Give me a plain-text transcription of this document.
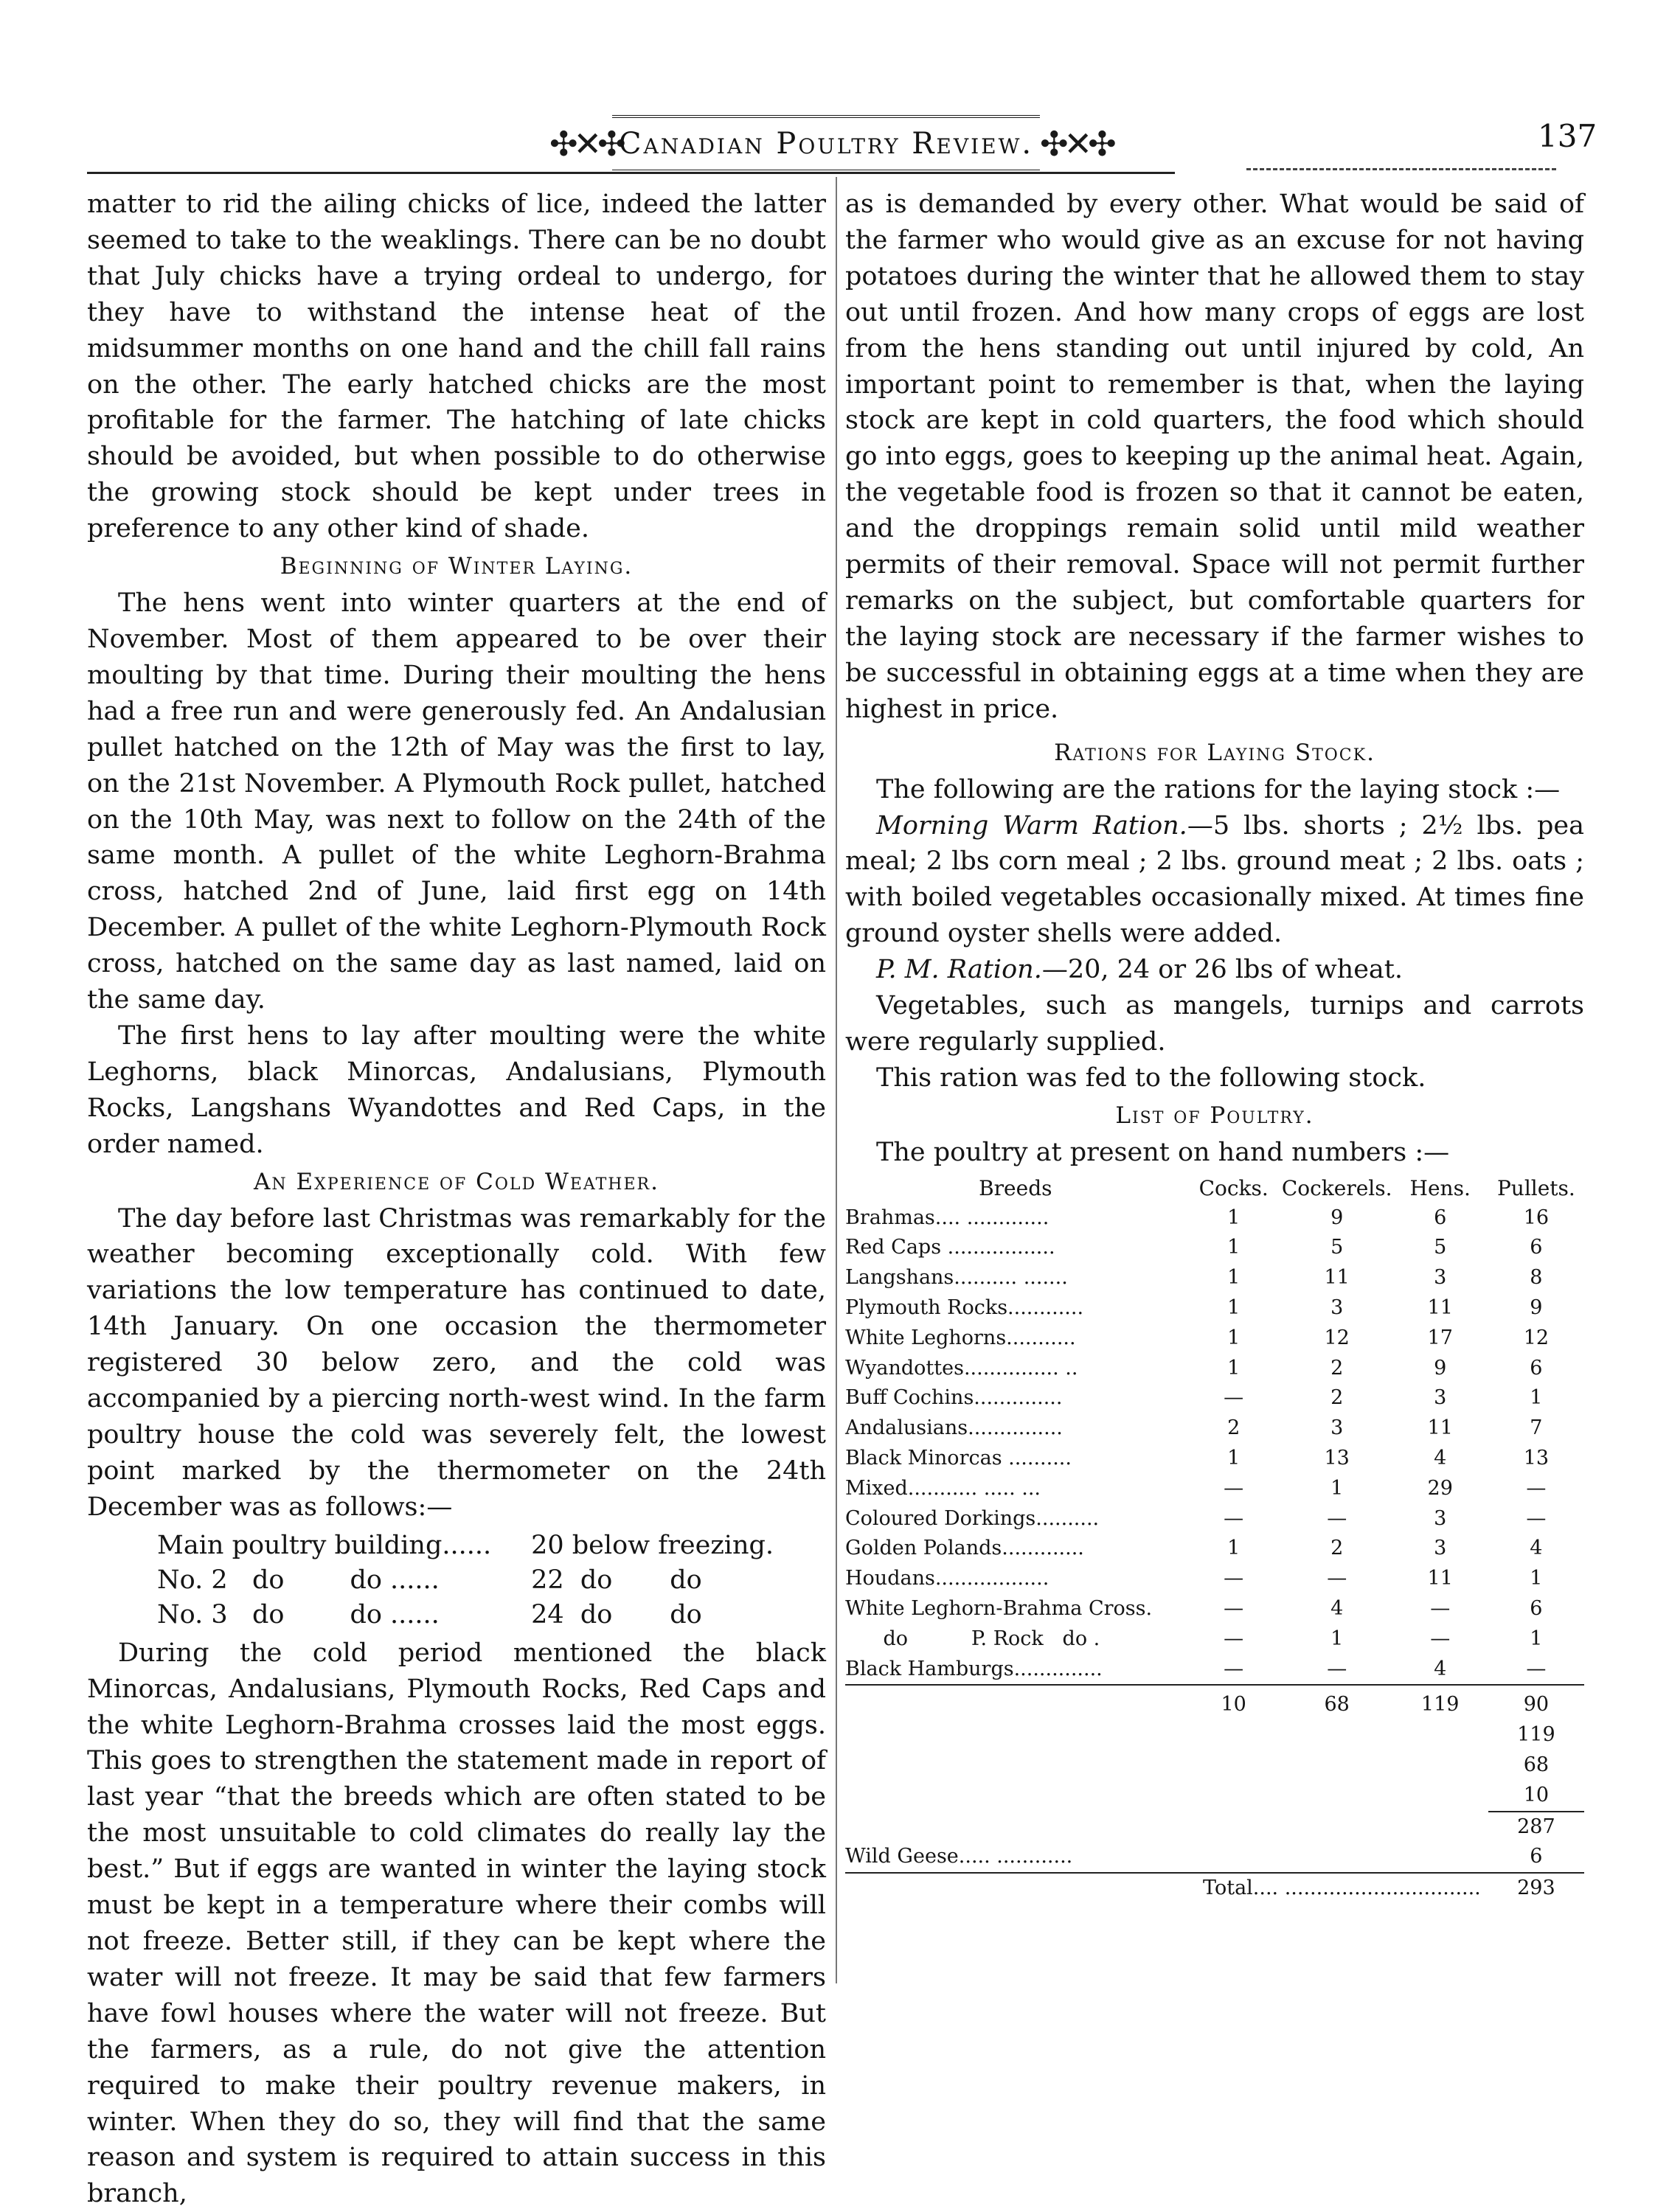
✣✕✣
Canadian Poultry Review. ✣✕✣	137

matter to rid the ailing chicks of lice, indeed the latter seemed to take to the weaklings. There can be no doubt that July chicks have a trying ordeal to undergo, for they have to withstand the intense heat of the midsummer months on one hand and the chill fall rains on the other. The early hatched chicks are the most profitable for the farmer. The hatching of late chicks should be avoided, but when possible to do otherwise the growing stock should be kept under trees in preference to any other kind of shade.

Beginning of Winter Laying.

The hens went into winter quarters at the end of November. Most of them appeared to be over their moulting by that time. During their moulting the hens had a free run and were generously fed. An Andalusian pullet hatched on the 12th of May was the first to lay, on the 21st November. A Plymouth Rock pullet, hatched on the 10th May, was next to follow on the 24th of the same month. A pullet of the white Leghorn-Brahma cross, hatched 2nd of June, laid first egg on 14th December. A pullet of the white Leghorn-Plymouth Rock cross, hatched on the same day as last named, laid on the same day.

The first hens to lay after moulting were the white Leghorns, black Minorcas, Andalusians, Plymouth Rocks, Langshans Wyandottes and Red Caps, in the order named.

An Experience of Cold Weather.

The day before last Christmas was remarkably for the weather becoming exceptionally cold. With few variations the low temperature has continued to date, 14th January. On one occasion the thermometer registered 30 below zero, and the cold was accompanied by a piercing north-west wind. In the farm poultry house the cold was severely felt, the lowest point marked by the thermometer on the 24th December was as follows:—

Main poultry building......	20 below freezing.
No. 2   do        do ......	22  do       do
No. 3   do        do ......	24  do       do

During the cold period mentioned the black Minorcas, Andalusians, Plymouth Rocks, Red Caps and the white Leghorn-Brahma crosses laid the most eggs. This goes to strengthen the statement made in report of last year “that the breeds which are often stated to be the most unsuitable to cold climates do really lay the best.” But if eggs are wanted in winter the laying stock must be kept in a temperature where their combs will not freeze. Better still, if they can be kept where the water will not freeze. It may be said that few farmers have fowl houses where the water will not freeze. But the farmers, as a rule, do not give the attention required to make their poultry revenue makers, in winter. When they do so, they will find that the same reason and system is required to attain success in this branch,

as is demanded by every other. What would be said of the farmer who would give as an excuse for not having potatoes during the winter that he allowed them to stay out until frozen. And how many crops of eggs are lost from the hens standing out until injured by cold, An important point to remember is that, when the laying stock are kept in cold quarters, the food which should go into eggs, goes to keeping up the animal heat. Again, the vegetable food is frozen so that it cannot be eaten, and the droppings remain solid until mild weather permits of their removal. Space will not permit further remarks on the subject, but comfortable quarters for the laying stock are necessary if the farmer wishes to be successful in obtaining eggs at a time when they are highest in price.

Rations for Laying Stock.

The following are the rations for the laying stock :—

Morning Warm Ration.—5 lbs. shorts ; 2½ lbs. pea meal; 2 lbs corn meal ; 2 lbs. ground meat ; 2 lbs. oats ; with boiled vegetables occasionally mixed. At times fine ground oyster shells were added.

P. M. Ration.—20, 24 or 26 lbs of wheat.

Vegetables, such as mangels, turnips and carrots were regularly supplied.

This ration was fed to the following stock.

List of Poultry.

The poultry at present on hand numbers :—

Breeds	Cocks.	Cockerels.	Hens.	Pullets.
Brahmas.... .............	1	9	6	16
Red Caps .................	1	5	5	6
Langshans.......... .......	1	11	3	8
Plymouth Rocks............	1	3	11	9
White Leghorns...........	1	12	17	12
Wyandottes............... ..	1	2	9	6
Buff Cochins..............	—	2	3	1
Andalusians...............	2	3	11	7
Black Minorcas ..........	1	13	4	13
Mixed........... ..... ...	—	1	29	—
Coloured Dorkings..........	—	—	3	—
Golden Polands.............	1	2	3	4
Houdans..................	—	—	11	1
White Leghorn-Brahma Cross.	—	4	—	6
do          P. Rock   do .	—	1	—	1
Black Hamburgs..............	—	—	4	—
	10	68	119	90
				119
				68
				10
				287
Wild Geese..... ............				6
Total.... ...............................				293
